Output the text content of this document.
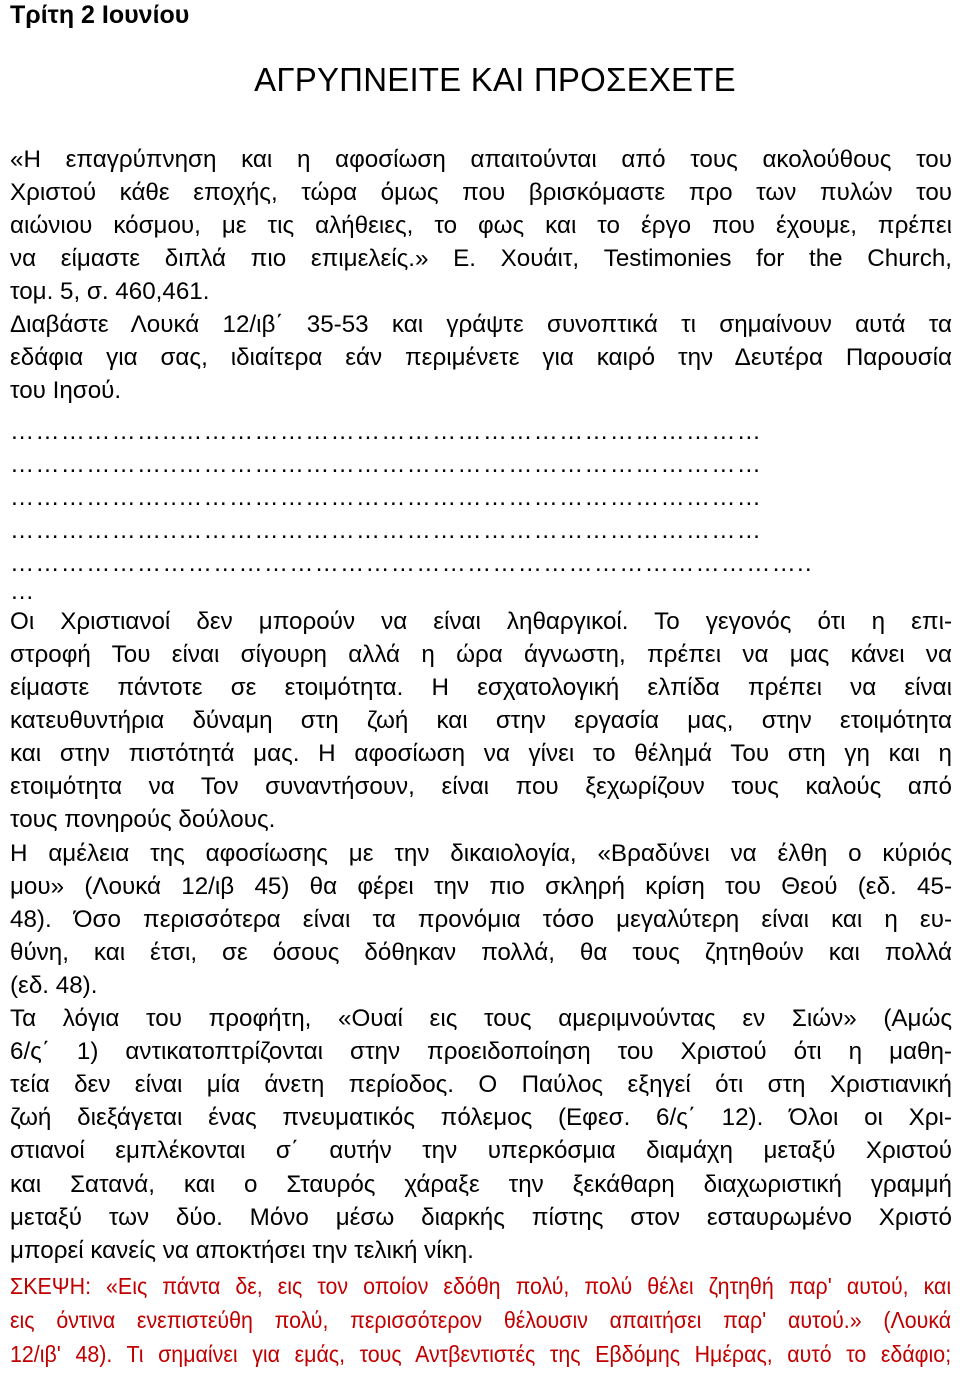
Τρίτη 2 Ιουνίου
ΑΓΡΥΠΝΕΙΤΕ ΚΑΙ ΠΡΟΣΕΧΕΤΕ
«Η επαγρύπνηση και η αφοσίωση απαιτούνται από τους ακολούθους του
Χριστού κάθε εποχής, τώρα όμως που βρισκόμαστε προ των πυλών του
αιώνιου κόσμου, με τις αλήθειες, το φως και το έργο που έχουμε, πρέπει
να είμαστε διπλά πιο επιμελείς.» Ε. Χουάιτ, Testimonies for the Church,
τομ. 5, σ. 460,461.
Διαβάστε Λουκά 12/ιβ΄ 35-53 και γράψτε συνοπτικά τι σημαίνουν αυτά τα
εδάφια για σας, ιδιαίτερα εάν περιμένετε για καιρό την Δευτέρα Παρουσία
του Ιησού.
………………..……………………………………………………………
………………..……………………………………………………………
………………..……………………………………………………………
………………..……………………………………………………………
…………………………………………………………………………………..
…
Οι Χριστιανοί δεν μπορούν να είναι ληθαργικοί. Το γεγονός ότι η επι-
στροφή Του είναι σίγουρη αλλά η ώρα άγνωστη, πρέπει να μας κάνει να
είμαστε πάντοτε σε ετοιμότητα. Η εσχατολογική ελπίδα πρέπει να είναι
κατευθυντήρια δύναμη στη ζωή και στην εργασία μας, στην ετοιμότητα
και στην πιστότητά μας. Η αφοσίωση να γίνει το θέλημά Του στη γη και η
ετοιμότητα να Τον συναντήσουν, είναι που ξεχωρίζουν τους καλούς από
τους πονηρούς δούλους.
Η αμέλεια της αφοσίωσης με την δικαιολογία, «Βραδύνει να έλθη ο κύριός
μου» (Λουκά 12/ιβ 45) θα φέρει την πιο σκληρή κρίση του Θεού (εδ. 45-
48). Όσο περισσότερα είναι τα προνόμια τόσο μεγαλύτερη είναι και η ευ-
θύνη, και έτσι, σε όσους δόθηκαν πολλά, θα τους ζητηθούν και πολλά
(εδ. 48).
Τα λόγια του προφήτη, «Ουαί εις τους αμεριμνούντας εν Σιών» (Αμώς
6/ς΄ 1) αντικατοπτρίζονται στην προειδοποίηση του Χριστού ότι η μαθη-
τεία δεν είναι μία άνετη περίοδος. Ο Παύλος εξηγεί ότι στη Χριστιανική
ζωή διεξάγεται ένας πνευματικός πόλεμος (Εφεσ. 6/ς΄ 12). Όλοι οι Χρι-
στιανοί εμπλέκονται σ΄ αυτήν την υπερκόσμια διαμάχη μεταξύ Χριστού
και Σατανά, και ο Σταυρός χάραξε την ξεκάθαρη διαχωριστική γραμμή
μεταξύ των δύο. Μόνο μέσω διαρκής πίστης στον εσταυρωμένο Χριστό
μπορεί κανείς να αποκτήσει την τελική νίκη.
ΣΚΕΨΗ: «Εις πάντα δε, εις τον οποίον εδόθη πολύ, πολύ θέλει ζητηθή παρ' αυτού, και
εις όντινα ενεπιστεύθη πολύ, περισσότερον θέλουσιν απαιτήσει παρ' αυτού.» (Λουκά
12/ιβ' 48). Τι σημαίνει για εμάς, τους Αντβεντιστές της Εβδόμης Ημέρας, αυτό το εδάφιο;
